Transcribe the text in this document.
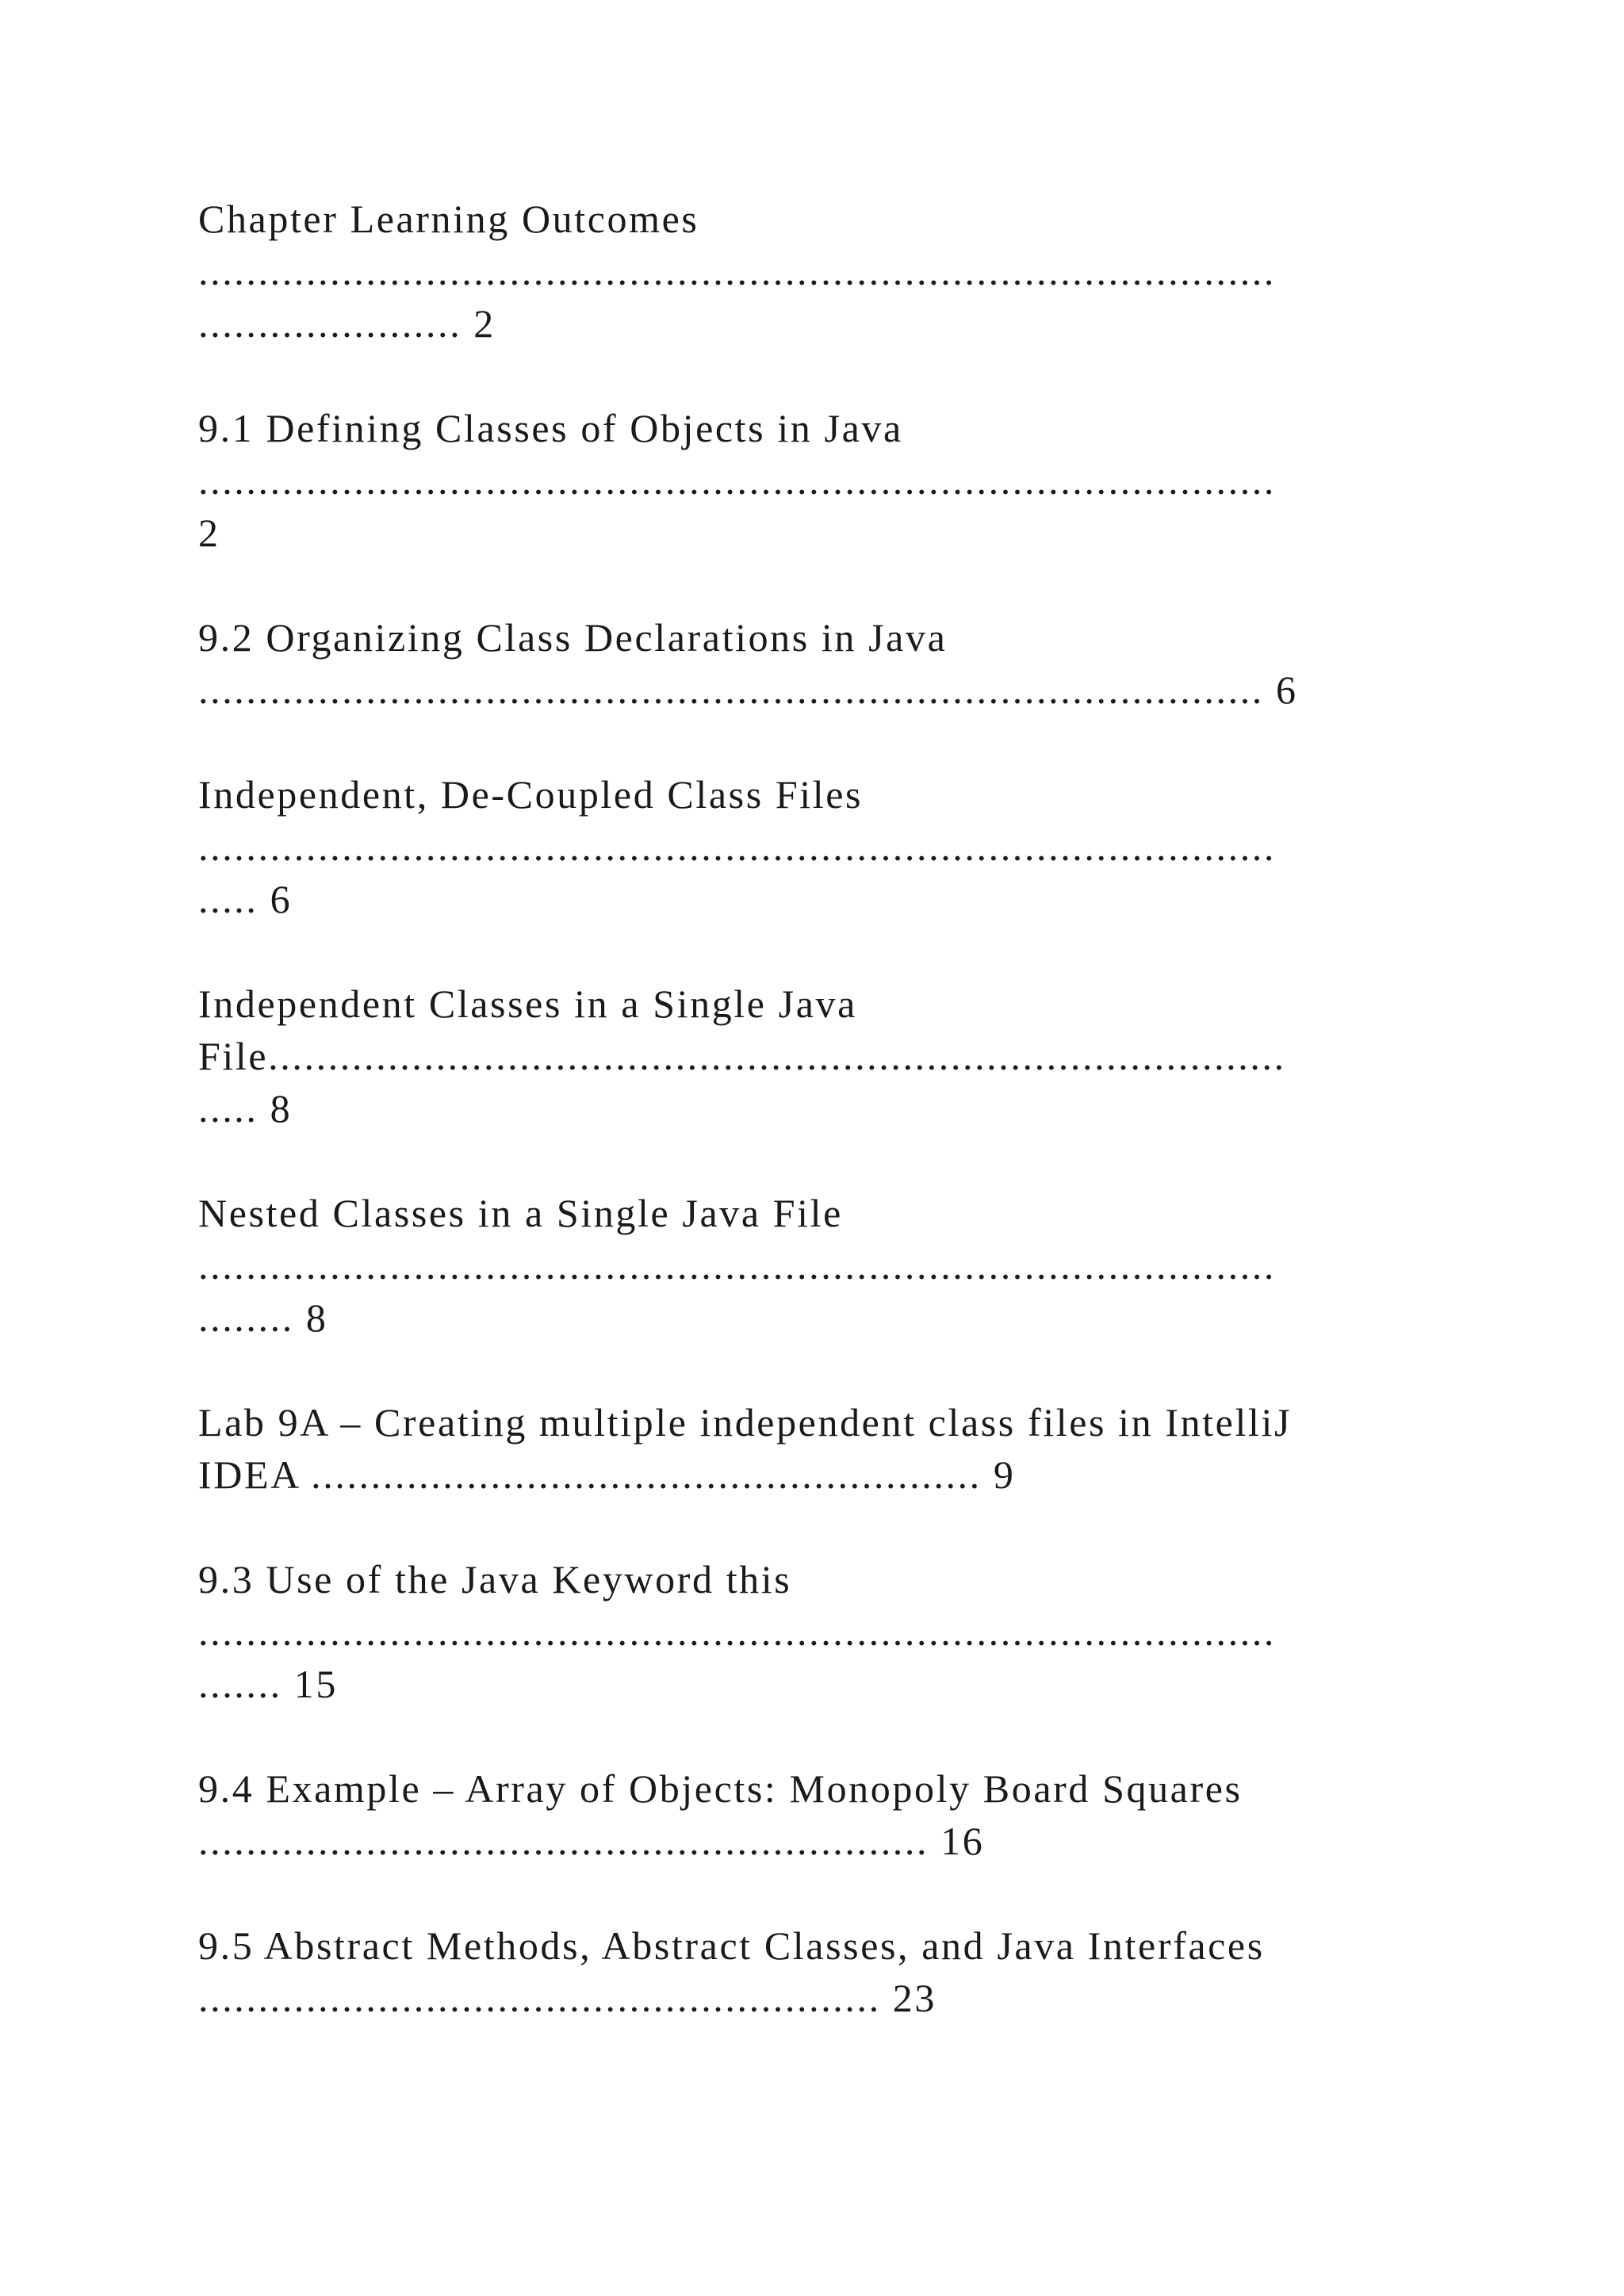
Chapter Learning Outcomes
..........................................................................................
...................... 2
9.1 Defining Classes of Objects in Java
..........................................................................................
2
9.2 Organizing Class Declarations in Java
......................................................................................... 6
Independent, De-Coupled Class Files
..........................................................................................
..... 6
Independent Classes in a Single Java
File.....................................................................................
..... 8
Nested Classes in a Single Java File
..........................................................................................
........ 8
Lab 9A – Creating multiple independent class files in IntelliJ
IDEA ........................................................ 9
9.3 Use of the Java Keyword this
..........................................................................................
....... 15
9.4 Example – Array of Objects: Monopoly Board Squares
............................................................. 16
9.5 Abstract Methods, Abstract Classes, and Java Interfaces
......................................................... 23
